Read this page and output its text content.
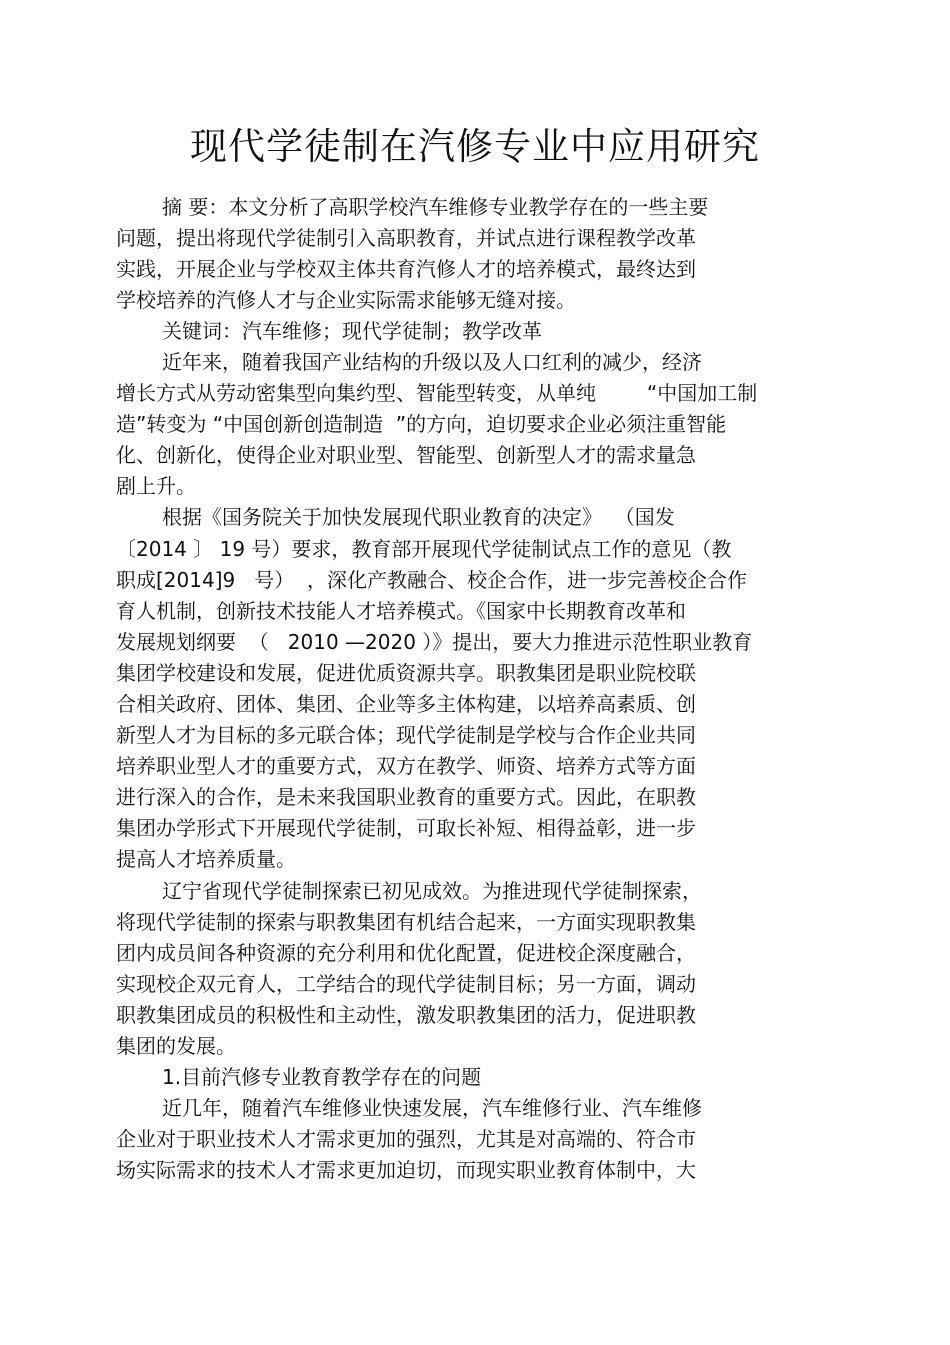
现代学徒制在汽修专业中应用研究

摘 要：本文分析了高职学校汽车维修专业教学存在的一些主要

问题，提出将现代学徒制引入高职教育，并试点进行课程教学改革

实践，开展企业与学校双主体共育汽修人才的培养模式，最终达到

学校培养的汽修人才与企业实际需求能够无缝对接。

关键词：汽车维修；现代学徒制；教学改革

近年来，随着我国产业结构的升级以及人口红利的减少，经济

增长方式从劳动密集型向集约型、智能型转变，从单纯        “中国加工制

造”转变为 “中国创新创造制造  ”的方向，迫切要求企业必须注重智能

化、创新化，使得企业对职业型、智能型、创新型人才的需求量急

剧上升。

根据《国务院关于加快发展现代职业教育的决定》  （国发

〔2014 〕 19 号）要求，教育部开展现代学徒制试点工作的意见（教

职成[2014]9   号）  ，深化产教融合、校企合作，进一步完善校企合作

育人机制，创新技术技能人才培养模式。《国家中长期教育改革和

发展规划纲要  （   2010 —2020 ）》提出，要大力推进示范性职业教育

集团学校建设和发展，促进优质资源共享。职教集团是职业院校联

合相关政府、团体、集团、企业等多主体构建，以培养高素质、创

新型人才为目标的多元联合体；现代学徒制是学校与合作企业共同

培养职业型人才的重要方式，双方在教学、师资、培养方式等方面

进行深入的合作，是未来我国职业教育的重要方式。因此，在职教

集团办学形式下开展现代学徒制，可取长补短、相得益彰，进一步

提高人才培养质量。

辽宁省现代学徒制探索已初见成效。为推进现代学徒制探索，

将现代学徒制的探索与职教集团有机结合起来，一方面实现职教集

团内成员间各种资源的充分利用和优化配置，促进校企深度融合，

实现校企双元育人，工学结合的现代学徒制目标；另一方面，调动

职教集团成员的积极性和主动性，激发职教集团的活力，促进职教

集团的发展。

1.目前汽修专业教育教学存在的问题

近几年，随着汽车维修业快速发展，汽车维修行业、汽车维修

企业对于职业技术人才需求更加的强烈，尤其是对高端的、符合市

场实际需求的技术人才需求更加迫切，而现实职业教育体制中，大
